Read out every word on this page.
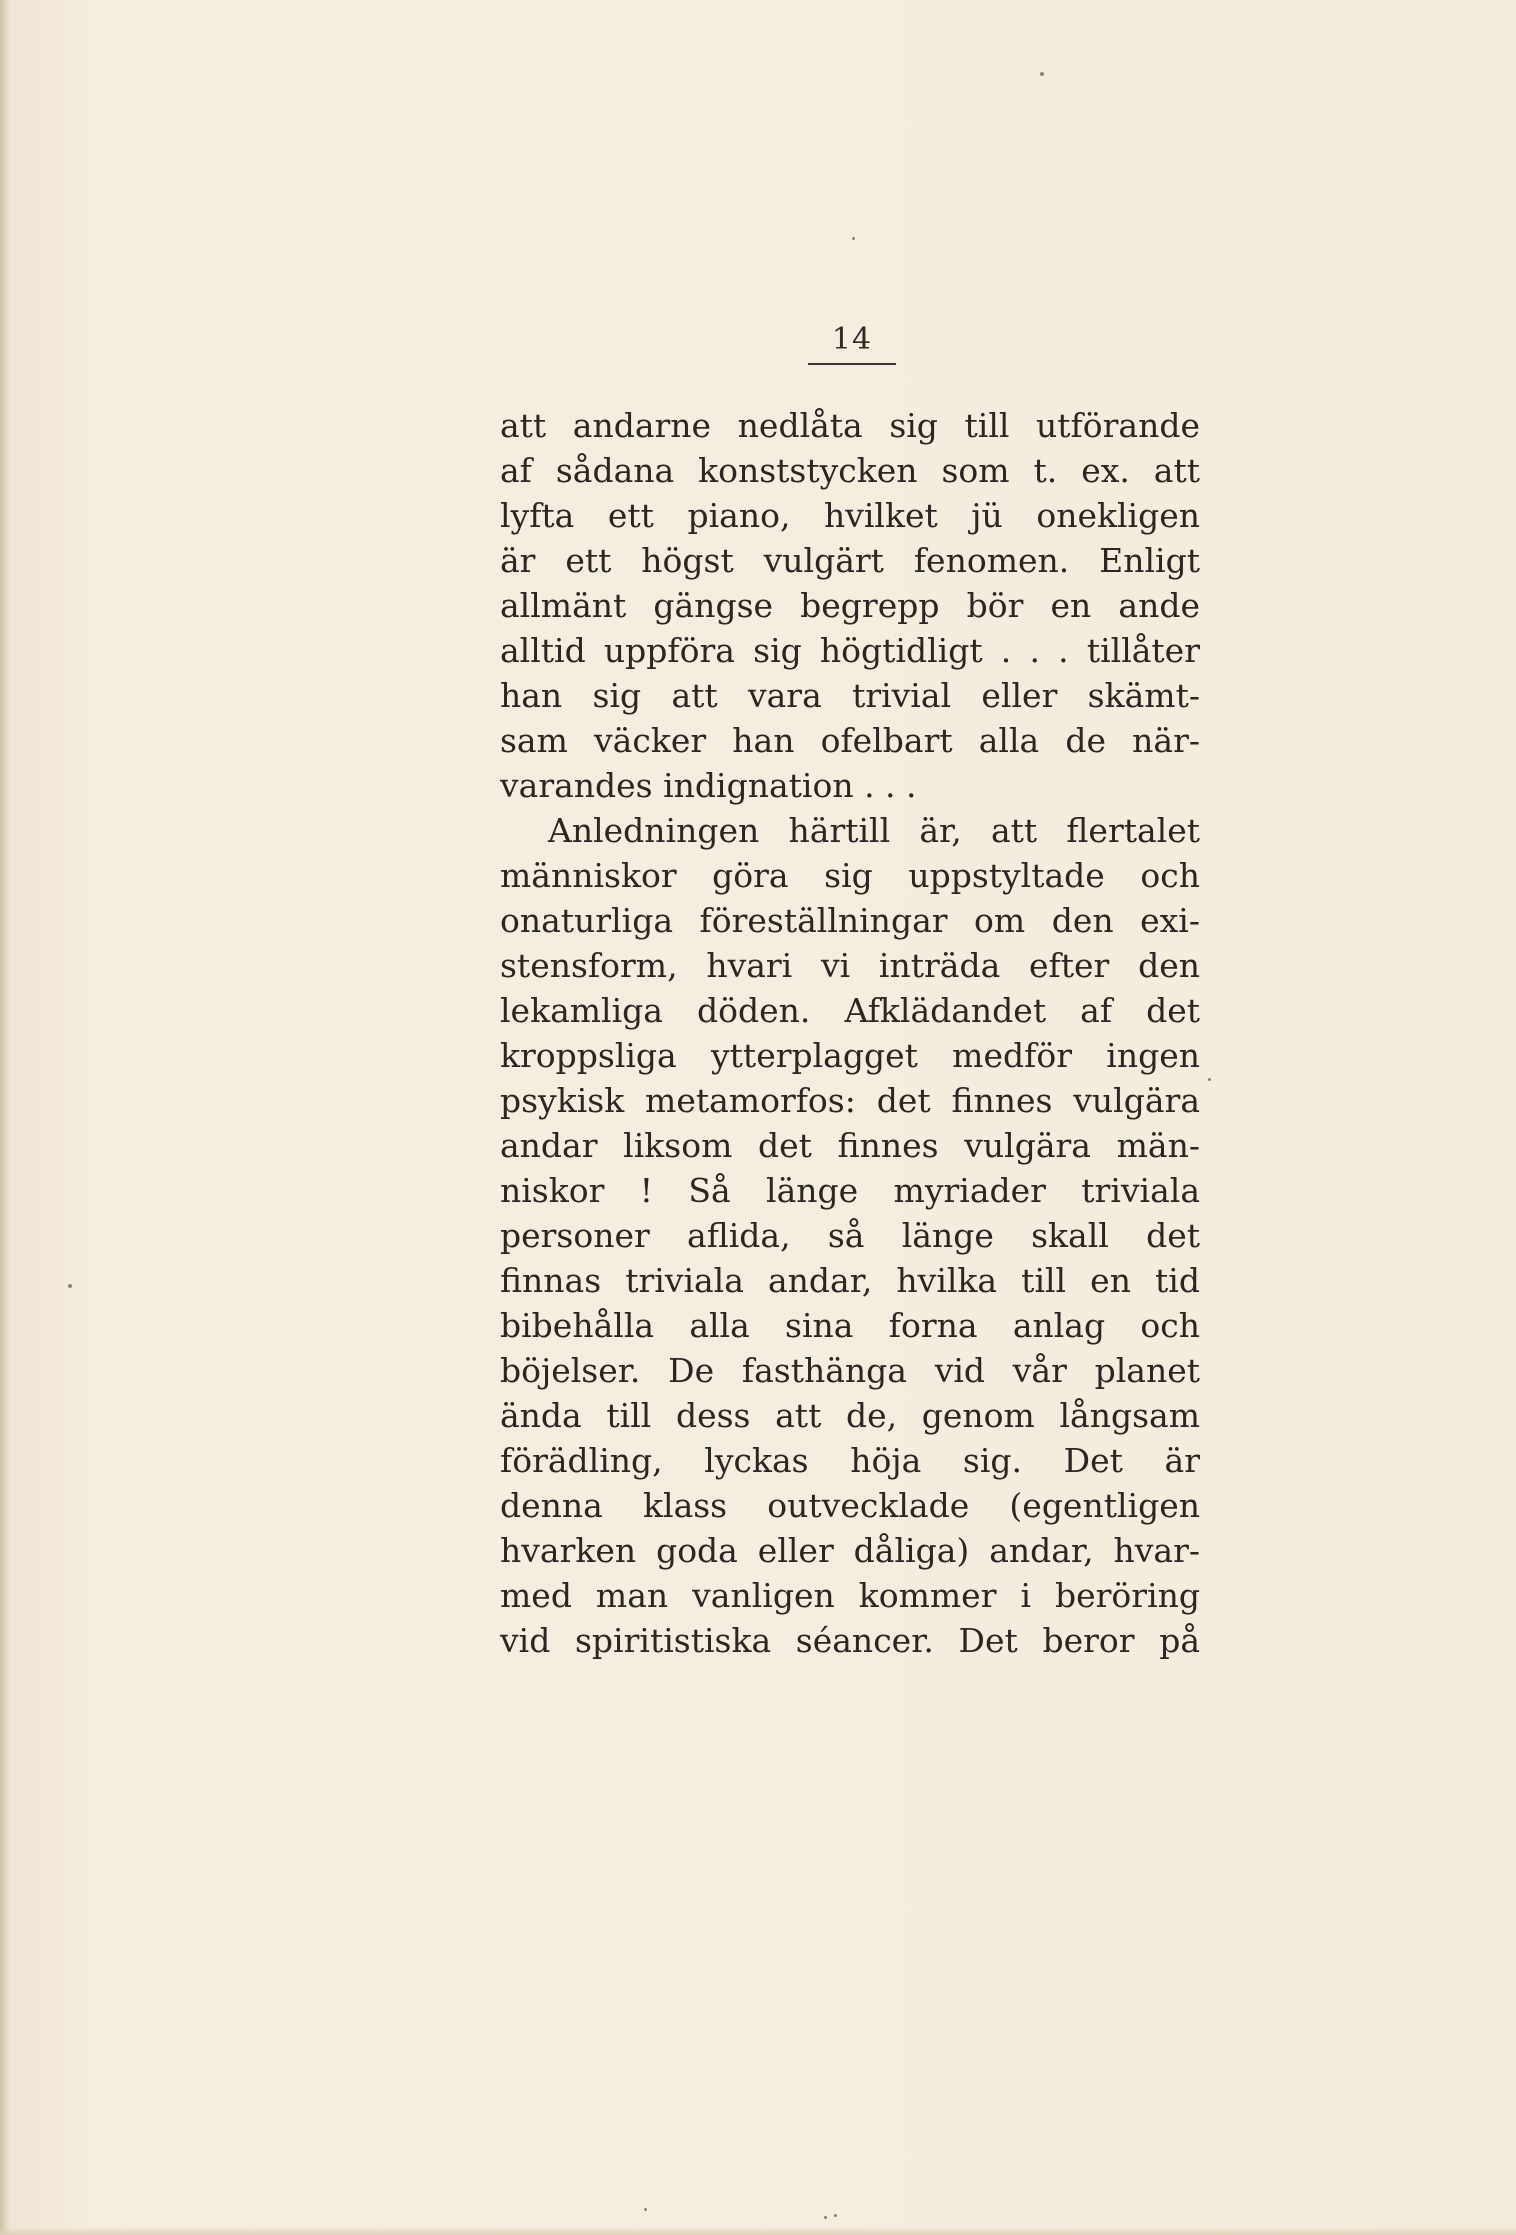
14
att andarne nedlåta sig till utförande
af sådana konststycken som t. ex. att
lyfta ett piano, hvilket jü onekligen
är ett högst vulgärt fenomen. Enligt
allmänt gängse begrepp bör en ande
alltid uppföra sig högtidligt . . . tillåter
han sig att vara trivial eller skämt-
sam väcker han ofelbart alla de när-
varandes indignation . . .
Anledningen härtill är, att flertalet
människor göra sig uppstyltade och
onaturliga föreställningar om den exi-
stensform, hvari vi inträda efter den
lekamliga döden. Afklädandet af det
kroppsliga ytterplagget medför ingen
psykisk metamorfos: det finnes vulgära
andar liksom det finnes vulgära män-
niskor ! Så länge myriader triviala
personer aflida, så länge skall det
finnas triviala andar, hvilka till en tid
bibehålla alla sina forna anlag och
böjelser. De fasthänga vid vår planet
ända till dess att de, genom långsam
förädling, lyckas höja sig. Det är
denna klass outvecklade (egentligen
hvarken goda eller dåliga) andar, hvar-
med man vanligen kommer i beröring
vid spiritistiska séancer. Det beror på
